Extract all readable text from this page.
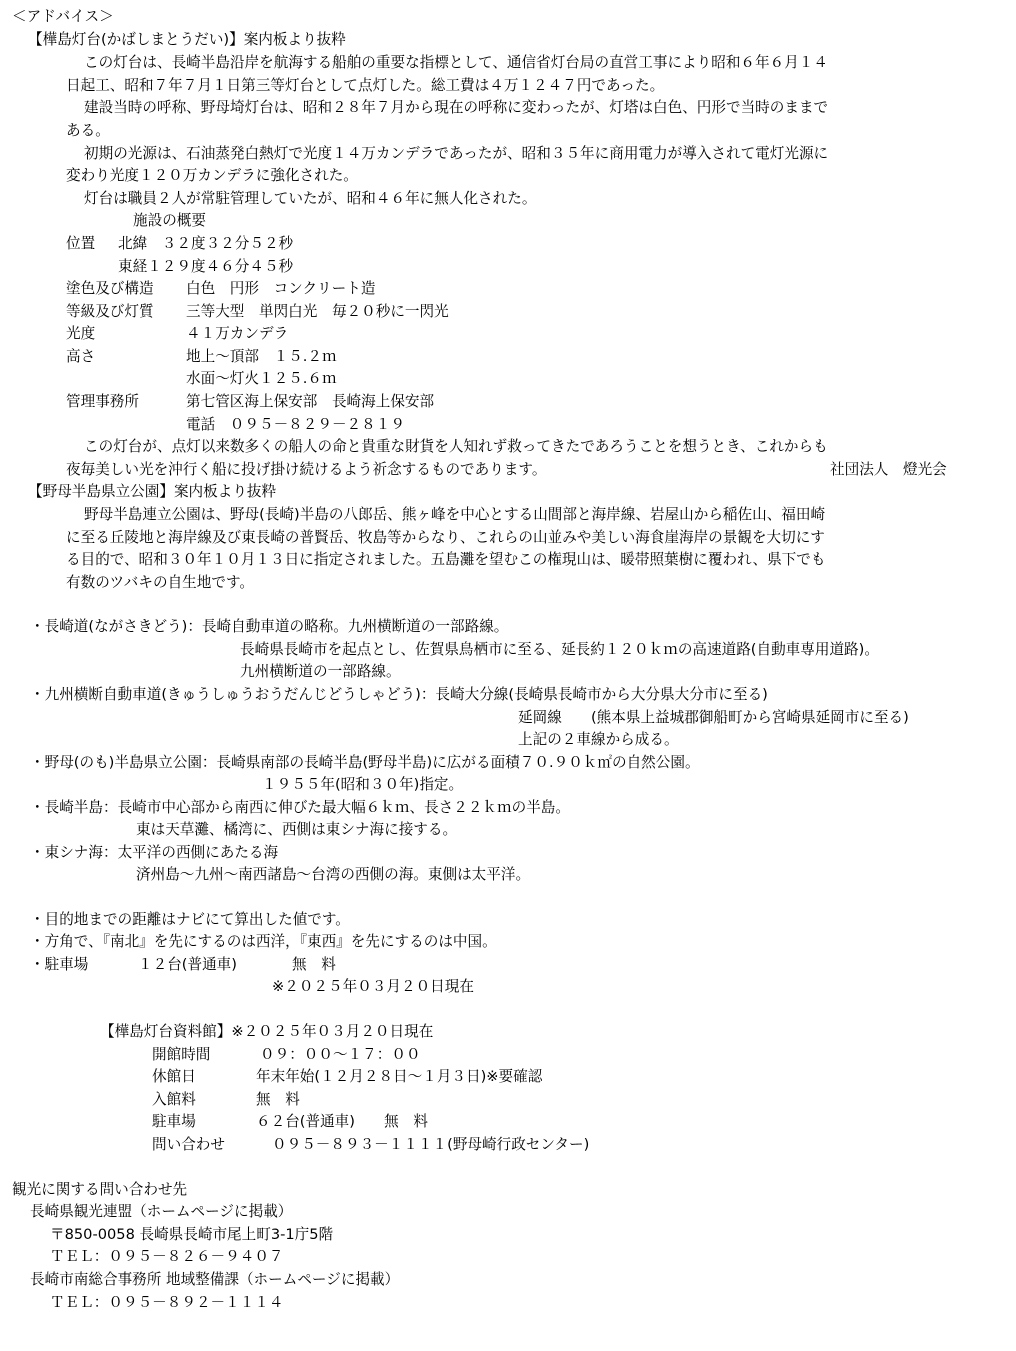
＜アドバイス＞
【樺島灯台(かばしまとうだい)】案内板より抜粋
この灯台は、長崎半島沿岸を航海する船舶の重要な指標として、通信省灯台局の直営工事により昭和６年６月１４
日起工、昭和７年７月１日第三等灯台として点灯した。総工費は４万１２４７円であった。
建設当時の呼称、野母埼灯台は、昭和２８年７月から現在の呼称に変わったが、灯塔は白色、円形で当時のままで
ある。
初期の光源は、石油蒸発白熱灯で光度１４万カンデラであったが、昭和３５年に商用電力が導入されて電灯光源に
変わり光度１２０万カンデラに強化された。
灯台は職員２人が常駐管理していたが、昭和４６年に無人化された。
施設の概要
位置 北緯　３２度３２分５２秒
東経１２９度４６分４５秒
塗色及び構造 白色　円形　コンクリート造
等級及び灯質 三等大型　単閃白光　毎２０秒に一閃光
光度	４１万カンデラ
高さ	地上～頂部　１５.２ｍ
水面～灯火１２５.６ｍ
管理事務所	第七管区海上保安部　長崎海上保安部
電話　０９５－８２９－２８１９
この灯台が、点灯以来数多くの船人の命と貴重な財貨を人知れず救ってきたであろうことを想うとき、これからも
夜毎美しい光を沖行く船に投げ掛け続けるよう祈念するものであります。	社団法人　燈光会
【野母半島県立公園】案内板より抜粋
野母半島連立公園は、野母(長崎)半島の八郎岳、熊ヶ峰を中心とする山間部と海岸線、岩屋山から稲佐山、福田崎
に至る丘陵地と海岸線及び東長崎の普賢岳、牧島等からなり、これらの山並みや美しい海食崖海岸の景観を大切にす
る目的で、昭和３０年１０月１３日に指定されました。五島灘を望むこの権現山は、暖帯照葉樹に覆われ、県下でも
有数のツバキの自生地です。
・長崎道(ながさきどう)：長崎自動車道の略称。九州横断道の一部路線。
長崎県長崎市を起点とし、佐賀県鳥栖市に至る、延長約１２０ｋｍの高速道路(自動車専用道路)。
九州横断道の一部路線。
・九州横断自動車道(きゅうしゅうおうだんじどうしゃどう)：長崎大分線(長崎県長崎市から大分県大分市に至る)
延岡線　　(熊本県上益城郡御船町から宮崎県延岡市に至る)
上記の２車線から成る。
・野母(のも)半島県立公園：長崎県南部の長崎半島(野母半島)に広がる面積７０.９０ｋ㎡の自然公園。
１９５５年(昭和３０年)指定。
・長崎半島：長崎市中心部から南西に伸びた最大幅６ｋｍ、長さ２２ｋｍの半島。
東は天草灘、橘湾に、西側は東シナ海に接する。
・東シナ海：太平洋の西側にあたる海
済州島～九州～南西諸島～台湾の西側の海。東側は太平洋。
・目的地までの距離はナビにて算出した値です。
・方角で、『南北』を先にするのは西洋，『東西』を先にするのは中国。
・駐車場	１２台(普通車)	無　料
※２０２５年０３月２０日現在
【樺島灯台資料館】※２０２５年０３月２０日現在
開館時間	０９：００～１７：００
休館日	年末年始(１２月２８日～１月３日)※要確認
入館料	無　料
駐車場	６２台(普通車)　　無　料
問い合わせ	０９５－８９３－１１１１(野母崎行政センター)
観光に関する問い合わせ先
長崎県観光連盟（ホームページに掲載）
〒850-0058 長崎県長崎市尾上町3-1庁5階
ＴＥＬ：０９５－８２６－９４０７
長崎市南総合事務所 地域整備課（ホームページに掲載）
ＴＥＬ：０９５－８９２－１１１４
